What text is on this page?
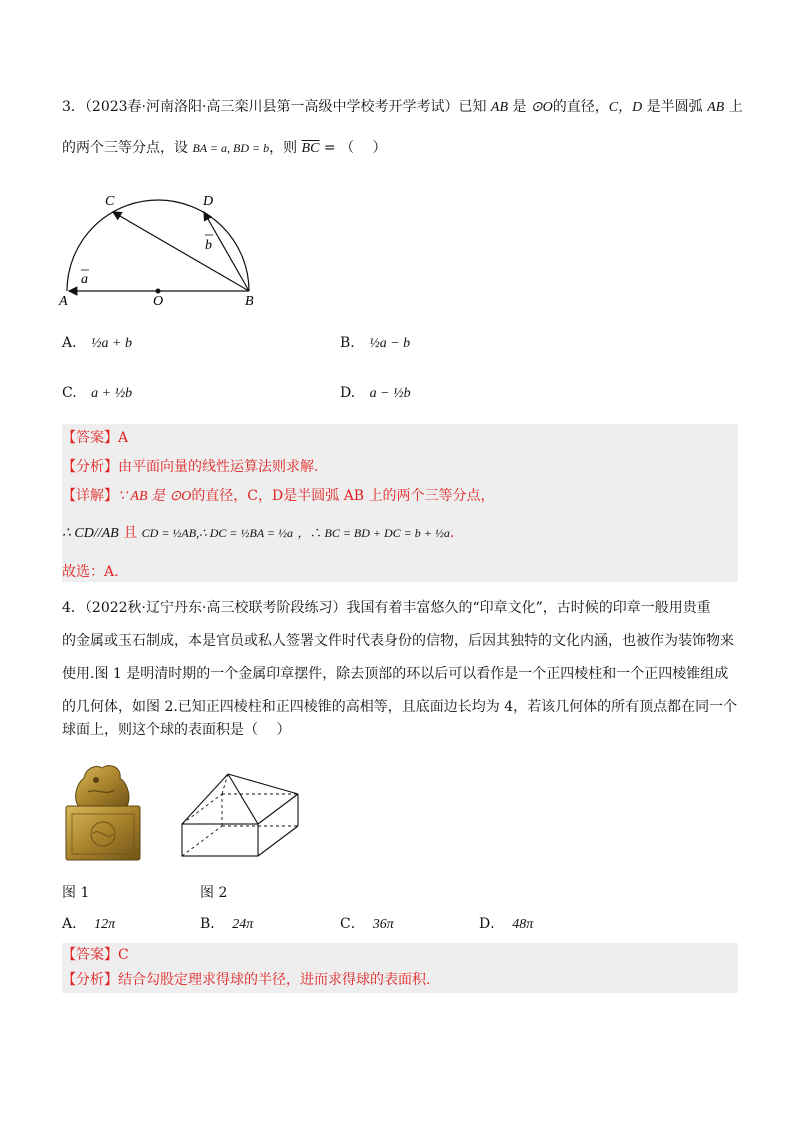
3．（2023春·河南洛阳·高三栾川县第一高级中学校考开学考试）已知 AB 是 ⊙O的直径，C，D 是半圆弧 AB 上
的两个三等分点，设 BA = a, BD = b，则 $\overline{BC}$ = （　 ）
A	O	B
C	D
a
b
A. ½a + b	B. ½a − b
C. a + ½b	D. a − ½b
【答案】A
【分析】由平面向量的线性运算法则求解.
【详解】∵ AB 是 ⊙O的直径，C，D是半圆弧 AB 上的两个三等分点，
∴ CD//AB 且 CD = ½AB,∴ DC = ½BA = ½a ，∴ BC = BD + DC = b + ½a.
故选：A.
4．（2022秋·辽宁丹东·高三校联考阶段练习）我国有着丰富悠久的“印章文化”，古时候的印章一般用贵重
的金属或玉石制成，本是官员或私人签署文件时代表身份的信物，后因其独特的文化内涵，也被作为装饰物来
使用.图 1 是明清时期的一个金属印章摆件，除去顶部的环以后可以看作是一个正四棱柱和一个正四棱锥组成
的几何体，如图 2.已知正四棱柱和正四棱锥的高相等，且底面边长均为 4，若该几何体的所有顶点都在同一个
球面上，则这个球的表面积是（　 ）
图 1	图 2
A． 12π	B． 24π	C． 36π	D． 48π
【答案】C
【分析】结合勾股定理求得球的半径，进而求得球的表面积.
